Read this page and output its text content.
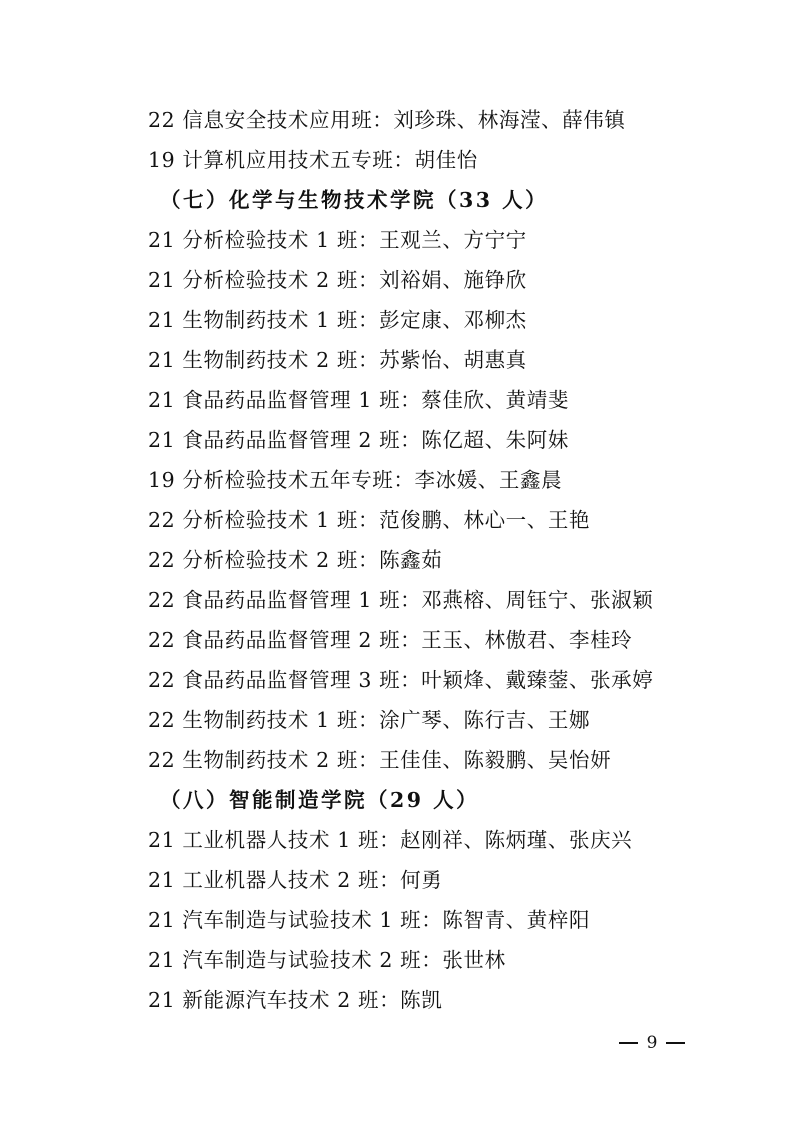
22 信息安全技术应用班：刘珍珠、林海滢、薛伟镇
19 计算机应用技术五专班：胡佳怡
（七）化学与生物技术学院（33 人）
21 分析检验技术 1 班：王观兰、方宁宁
21 分析检验技术 2 班：刘裕娟、施铮欣
21 生物制药技术 1 班：彭定康、邓柳杰
21 生物制药技术 2 班：苏紫怡、胡惠真
21 食品药品监督管理 1 班：蔡佳欣、黄靖斐
21 食品药品监督管理 2 班：陈亿超、朱阿妹
19 分析检验技术五年专班：李冰媛、王鑫晨
22 分析检验技术 1 班：范俊鹏、林心一、王艳
22 分析检验技术 2 班：陈鑫茹
22 食品药品监督管理 1 班：邓燕榕、周钰宁、张淑颖
22 食品药品监督管理 2 班：王玉、林傲君、李桂玲
22 食品药品监督管理 3 班：叶颖烽、戴臻蓥、张承婷
22 生物制药技术 1 班：涂广琴、陈行吉、王娜
22 生物制药技术 2 班：王佳佳、陈毅鹏、吴怡妍
（八）智能制造学院（29 人）
21 工业机器人技术 1 班：赵刚祥、陈炳瑾、张庆兴
21 工业机器人技术 2 班：何勇
21 汽车制造与试验技术 1 班：陈智青、黄梓阳
21 汽车制造与试验技术 2 班：张世林
21 新能源汽车技术 2 班：陈凯
9
